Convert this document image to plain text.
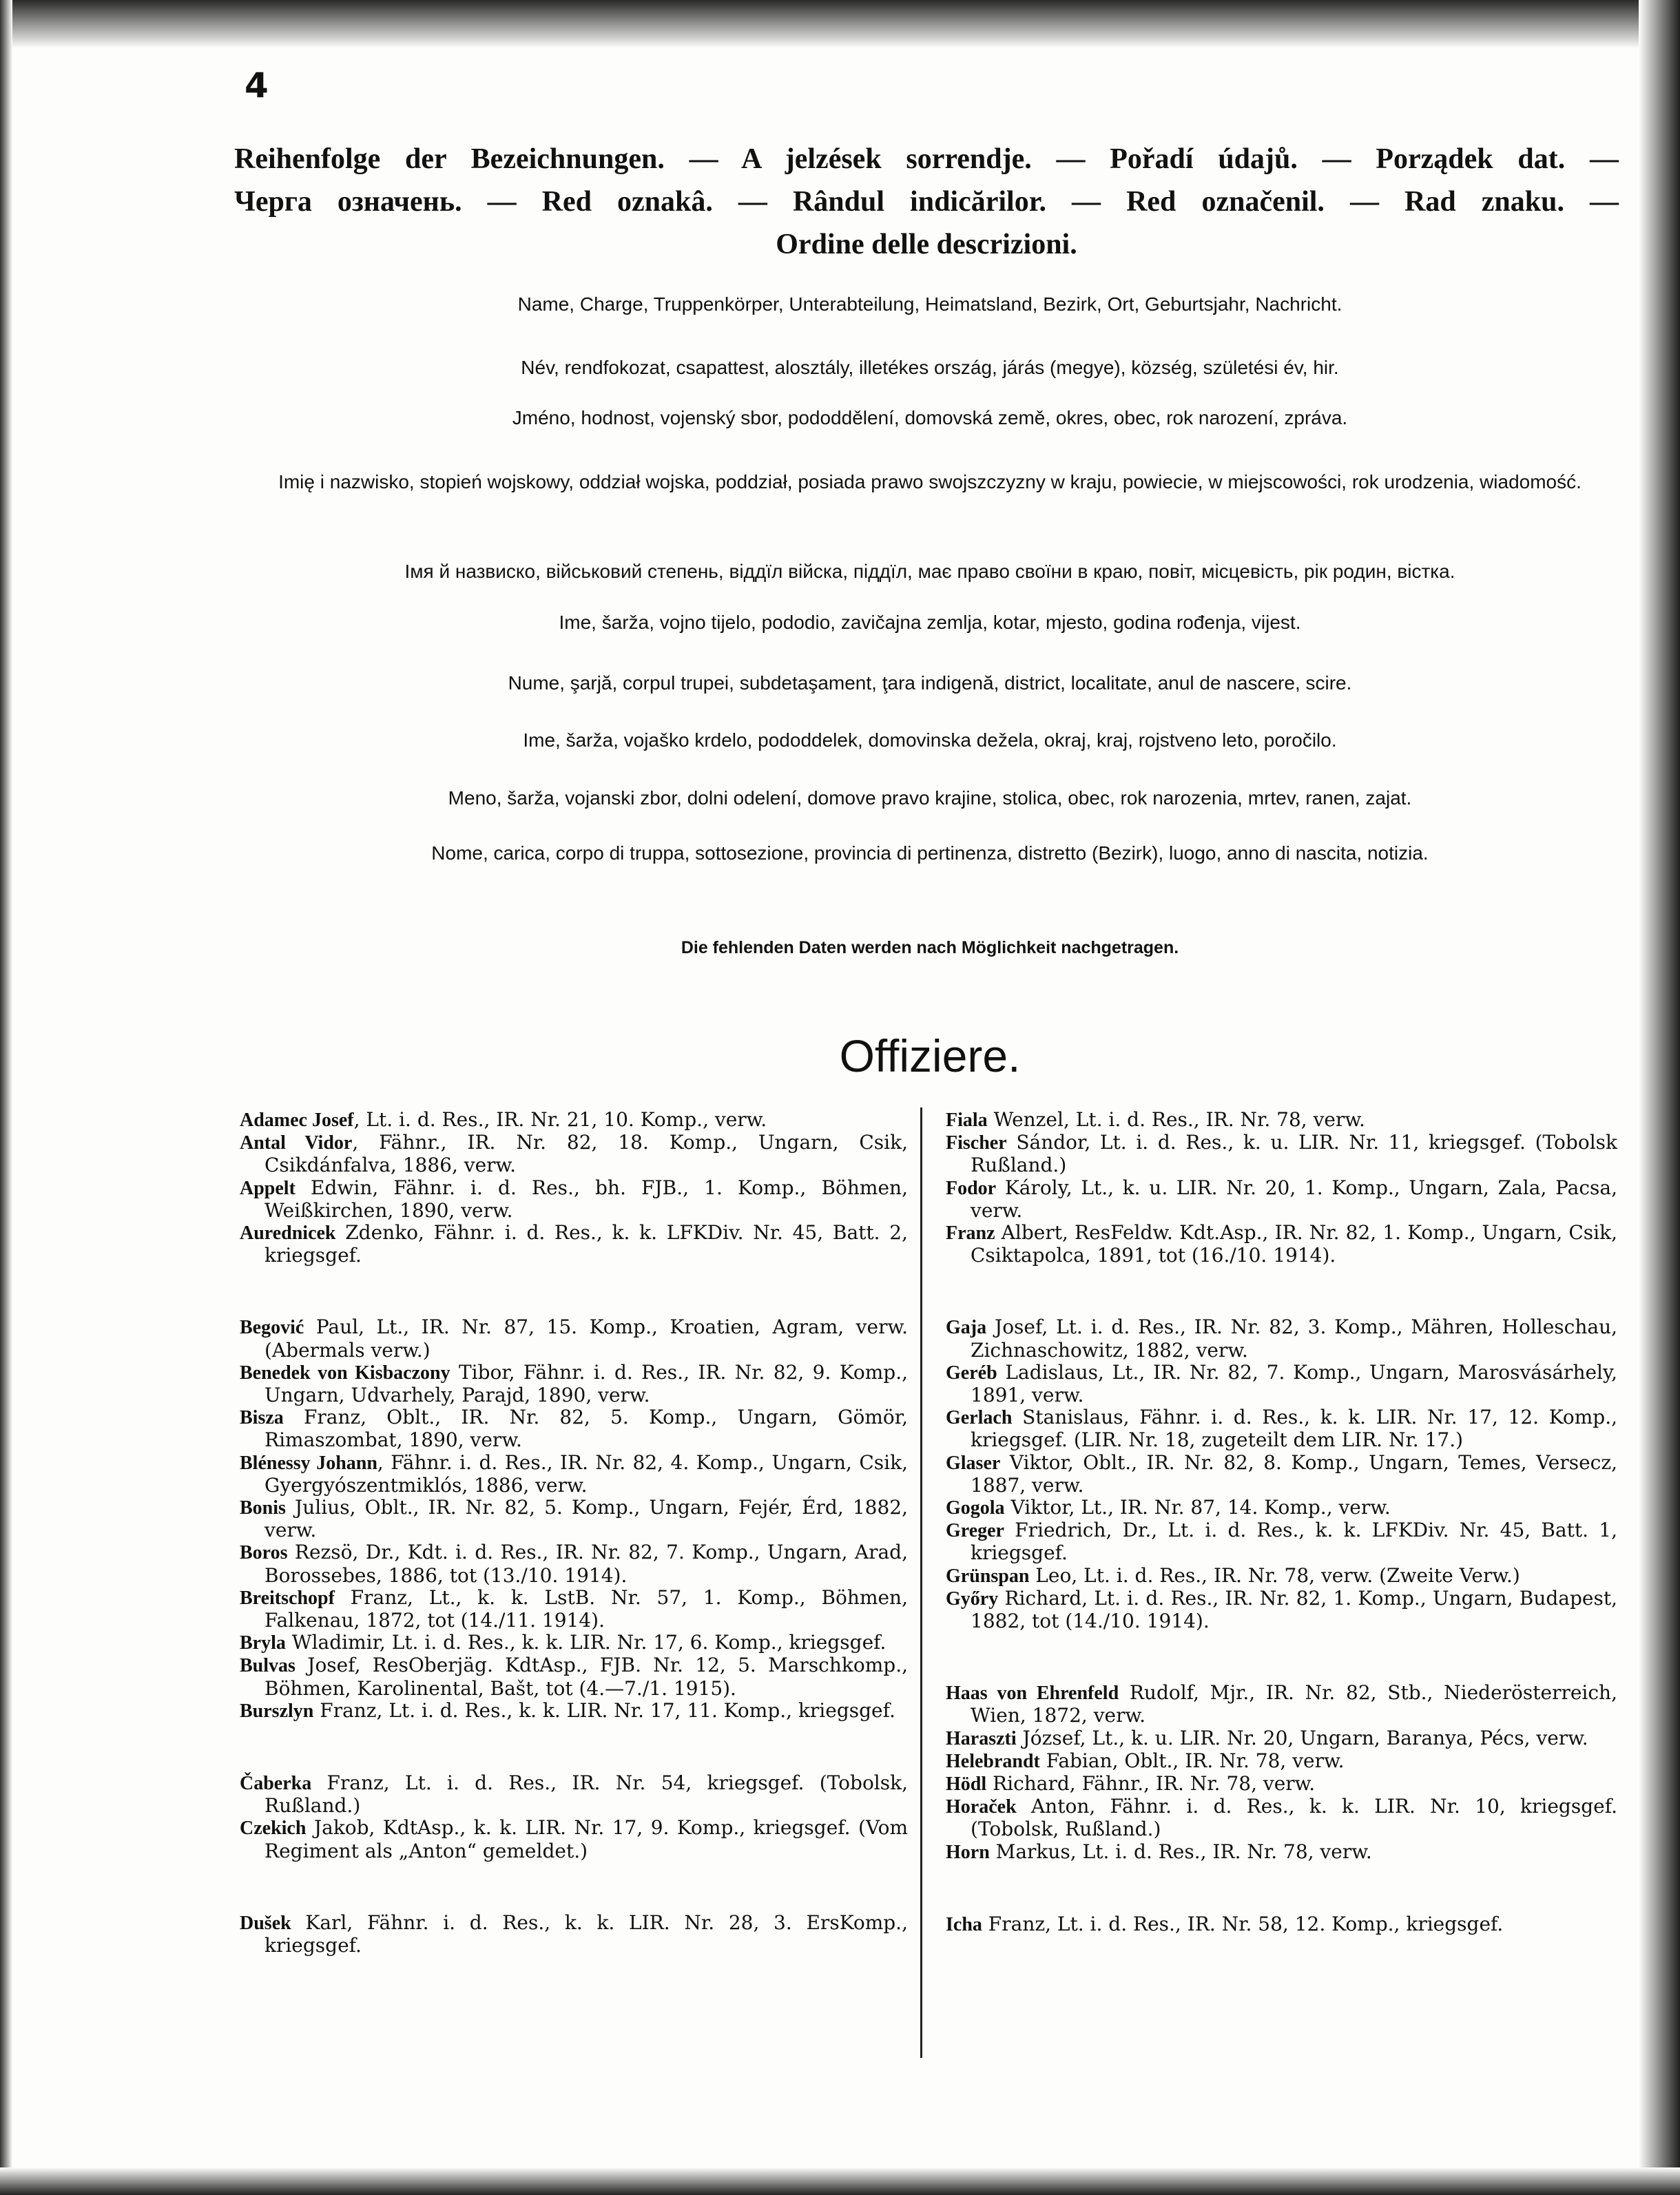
4
Reihenfolge der Bezeichnungen. — A jelzések sorrendje. — Pořadí údajů. — Porządek dat. —
Черга означень. — Red oznakâ. — Rândul indicărilor. — Red označenil. — Rad znaku. —
Ordine delle descrizioni.

Name, Charge, Truppenkörper, Unterabteilung, Heimatsland, Bezirk, Ort, Geburtsjahr, Nachricht.

Név, rendfokozat, csapattest, alosztály, illetékes ország, járás (megye), község, születési év, hir.

Jméno, hodnost, vojenský sbor, pododdělení, domovská země, okres, obec, rok narození, zpráva.

Imię i nazwisko, stopień wojskowy, oddział wojska, poddział, posiada prawo swojszczyzny w kraju, powiecie, w miejscowości, rok urodzenia, wiadomość.

Імя й назвиско, військовий степень, віддїл війска, піддїл, має право своїни в краю, повіт, місцевість, рік родин, вістка.

Ime, šarža, vojno tijelo, pododio, zavičajna zemlja, kotar, mjesto, godina rođenja, vijest.

Nume, şarjă, corpul trupei, subdetaşament, ţara indigenă, district, localitate, anul de nascere, scire.

Ime, šarža, vojaško krdelo, pododdelek, domovinska dežela, okraj, kraj, rojstveno leto, poročilo.

Meno, šarža, vojanski zbor, dolni odelení, domove pravo krajine, stolica, obec, rok narozenia, mrtev, ranen, zajat.

Nome, carica, corpo di truppa, sottosezione, provincia di pertinenza, distretto (Bezirk), luogo, anno di nascita, notizia.

Die fehlenden Daten werden nach Möglichkeit nachgetragen.
Offiziere.

Adamec Josef, Lt. i. d. Res., IR. Nr. 21, 10. Komp., verw.

Antal Vidor, Fähnr., IR. Nr. 82, 18. Komp., Ungarn, Csik, Csikdánfalva, 1886, verw.

Appelt Edwin, Fähnr. i. d. Res., bh. FJB., 1. Komp., Böhmen, Weißkirchen, 1890, verw.

Aurednicek Zdenko, Fähnr. i. d. Res., k. k. LFKDiv. Nr. 45, Batt. 2, kriegsgef.

Begović Paul, Lt., IR. Nr. 87, 15. Komp., Kroatien, Agram, verw. (Abermals verw.)

Benedek von Kisbaczony Tibor, Fähnr. i. d. Res., IR. Nr. 82, 9. Komp., Ungarn, Udvarhely, Parajd, 1890, verw.

Bisza Franz, Oblt., IR. Nr. 82, 5. Komp., Ungarn, Gömör, Rimaszombat, 1890, verw.

Blénessy Johann, Fähnr. i. d. Res., IR. Nr. 82, 4. Komp., Ungarn, Csik, Gyergyószentmiklós, 1886, verw.

Bonis Julius, Oblt., IR. Nr. 82, 5. Komp., Ungarn, Fejér, Érd, 1882, verw.

Boros Rezsö, Dr., Kdt. i. d. Res., IR. Nr. 82, 7. Komp., Ungarn, Arad, Borossebes, 1886, tot (13./10. 1914).

Breitschopf Franz, Lt., k. k. LstB. Nr. 57, 1. Komp., Böhmen, Falkenau, 1872, tot (14./11. 1914).

Bryla Wladimir, Lt. i. d. Res., k. k. LIR. Nr. 17, 6. Komp., kriegsgef.

Bulvas Josef, ResOberjäg. KdtAsp., FJB. Nr. 12, 5. Marschkomp., Böhmen, Karolinental, Bašt, tot (4.—7./1. 1915).

Burszlyn Franz, Lt. i. d. Res., k. k. LIR. Nr. 17, 11. Komp., kriegsgef.

Čaberka Franz, Lt. i. d. Res., IR. Nr. 54, kriegsgef. (Tobolsk, Rußland.)

Czekich Jakob, KdtAsp., k. k. LIR. Nr. 17, 9. Komp., kriegsgef. (Vom Regiment als „Anton“ gemeldet.)

Dušek Karl, Fähnr. i. d. Res., k. k. LIR. Nr. 28, 3. ErsKomp., kriegsgef.

Fiala Wenzel, Lt. i. d. Res., IR. Nr. 78, verw.

Fischer Sándor, Lt. i. d. Res., k. u. LIR. Nr. 11, kriegsgef. (Tobolsk Rußland.)

Fodor Károly, Lt., k. u. LIR. Nr. 20, 1. Komp., Ungarn, Zala, Pacsa, verw.

Franz Albert, ResFeldw. Kdt.Asp., IR. Nr. 82, 1. Komp., Ungarn, Csik, Csiktapolca, 1891, tot (16./10. 1914).

Gaja Josef, Lt. i. d. Res., IR. Nr. 82, 3. Komp., Mähren, Holleschau, Zichnaschowitz, 1882, verw.

Geréb Ladislaus, Lt., IR. Nr. 82, 7. Komp., Ungarn, Marosvásárhely, 1891, verw.

Gerlach Stanislaus, Fähnr. i. d. Res., k. k. LIR. Nr. 17, 12. Komp., kriegsgef. (LIR. Nr. 18, zugeteilt dem LIR. Nr. 17.)

Glaser Viktor, Oblt., IR. Nr. 82, 8. Komp., Ungarn, Temes, Versecz, 1887, verw.

Gogola Viktor, Lt., IR. Nr. 87, 14. Komp., verw.

Greger Friedrich, Dr., Lt. i. d. Res., k. k. LFKDiv. Nr. 45, Batt. 1, kriegsgef.

Grünspan Leo, Lt. i. d. Res., IR. Nr. 78, verw. (Zweite Verw.)

Győry Richard, Lt. i. d. Res., IR. Nr. 82, 1. Komp., Ungarn, Budapest, 1882, tot (14./10. 1914).

Haas von Ehrenfeld Rudolf, Mjr., IR. Nr. 82, Stb., Niederösterreich, Wien, 1872, verw.

Haraszti József, Lt., k. u. LIR. Nr. 20, Ungarn, Baranya, Pécs, verw.

Helebrandt Fabian, Oblt., IR. Nr. 78, verw.

Hödl Richard, Fähnr., IR. Nr. 78, verw.

Horaček Anton, Fähnr. i. d. Res., k. k. LIR. Nr. 10, kriegsgef. (Tobolsk, Rußland.)

Horn Markus, Lt. i. d. Res., IR. Nr. 78, verw.

Icha Franz, Lt. i. d. Res., IR. Nr. 58, 12. Komp., kriegsgef.
